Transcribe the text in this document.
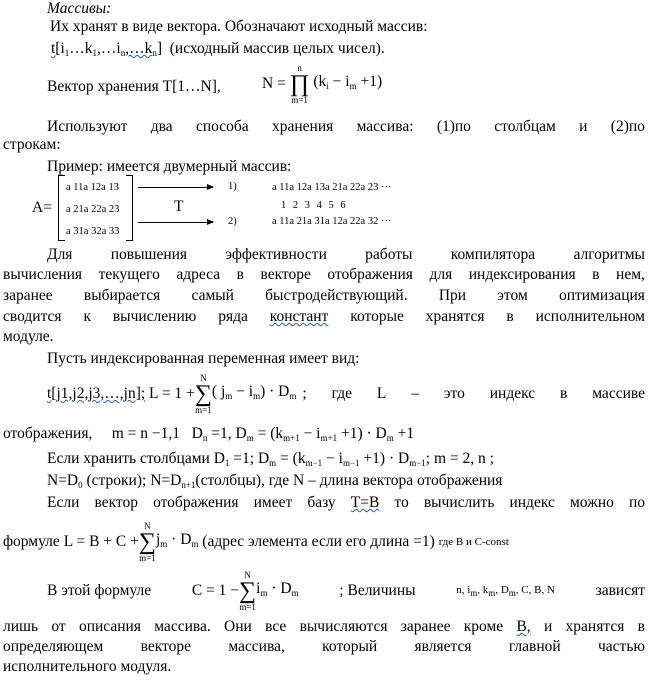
Массивы:
Их хранят в виде вектора. Обозначают исходный массив:
$t[i_1\dots k_1,\dots i_n,\dots k_n]$ (исходный массив целых чисел).
Вектор хранения T[1…N],	N =
n
∏
m=1
$(k_i - i_m +1)$
Используют два способа хранения массива: (1)по столбцам и (2)по
строкам:
Пример: имеется двумерный массив:
A=
a 11a 12a 13
a 21a 22a 23
a 31a 32a 33
1)
T
2)
a 11a 12a 13a 21a 22a 23 ···
1 2 3 4 5 6
a 11a 21a 31a 12a 22a 32 ···
Для повышения эффективности работы компилятора алгоритмы
вычисления текущего адреса в векторе отображения для индексирования в нем,
заранее выбирается самый быстродействующий. При этом оптимизация
сводится к вычислению ряда констант которые хранятся в исполнительном
модуле.
Пусть индексированная переменная имеет вид:
t[j1,j2,j3,…,jn];
L = 1 +
N
∑
m=1
( $j_m - i_m) \cdot D_m$ ; где L – это индекс в массиве
отображения, m = n −1,1 $D_n =1$, $D_m = (k_{m+1} - i_{m+1} +1) \cdot D_m +1$
Если хранить столбцами $D_1 =1$; $D_m = (k_{m-1} - i_{m-1} +1) \cdot D_{m-1}$; m = 2, n ;
$N=D_0$ (строки); $N=D_{n+1}(столбцы)$, где N – длина вектора отображения
Если вектор отображения имеет базу T=B то вычислить индекс можно по
формуле
L = B + C +
N
∑
m=1
$j_m \cdot D_m$
(адрес элемента если его длина =1)
где B и C-const
В этой формуле	C = 1 −
N
∑
m=1
$i_m \cdot D_m$	; Величины	n, $i_m$, $k_m$, $D_m$, C, B, N	зависят
лишь от описания массива. Они все вычисляются заранее кроме B, и хранятся в
определяющем векторе массива, который является главной частью
исполнительного модуля.
